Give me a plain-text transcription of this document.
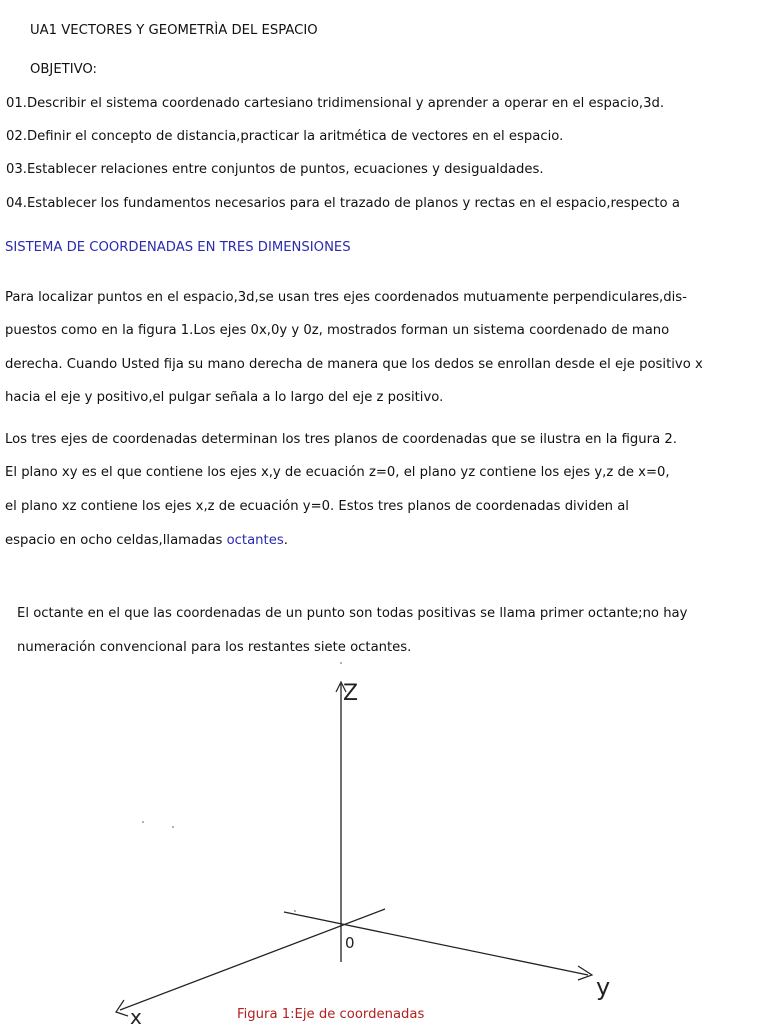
UA1 VECTORES Y GEOMETRÌA DEL ESPACIO
OBJETIVO:
01.Describir el sistema coordenado cartesiano tridimensional y aprender a operar en el espacio,3d.
02.Definir el concepto de distancia,practicar la aritmética de vectores en el espacio.
03.Establecer relaciones entre conjuntos de puntos, ecuaciones y desigualdades.
04.Establecer los fundamentos necesarios para el trazado de planos y rectas en el espacio,respecto a
SISTEMA DE COORDENADAS EN TRES DIMENSIONES
Para localizar puntos en el espacio,3d,se usan tres ejes coordenados mutuamente perpendiculares,dis-
puestos como en la figura 1.Los ejes 0x,0y y 0z, mostrados forman un sistema coordenado de mano
derecha. Cuando Usted fija su mano derecha de manera que los dedos se enrollan desde el eje positivo x
hacia el eje y positivo,el pulgar señala a lo largo del eje z positivo.
Los tres ejes de coordenadas determinan los tres planos de coordenadas que se ilustra en la figura 2.
El plano xy es el que contiene los ejes x,y de ecuación z=0, el plano yz contiene los ejes y,z de x=0,
el plano xz contiene los ejes x,z de ecuación y=0. Estos tres planos de coordenadas dividen al
espacio en ocho celdas,llamadas octantes.
El octante en el que las coordenadas de un punto son todas positivas se llama primer octante;no hay
numeración convencional para los restantes siete octantes.
Z
y
x
0
Figura 1:Eje de coordenadas
